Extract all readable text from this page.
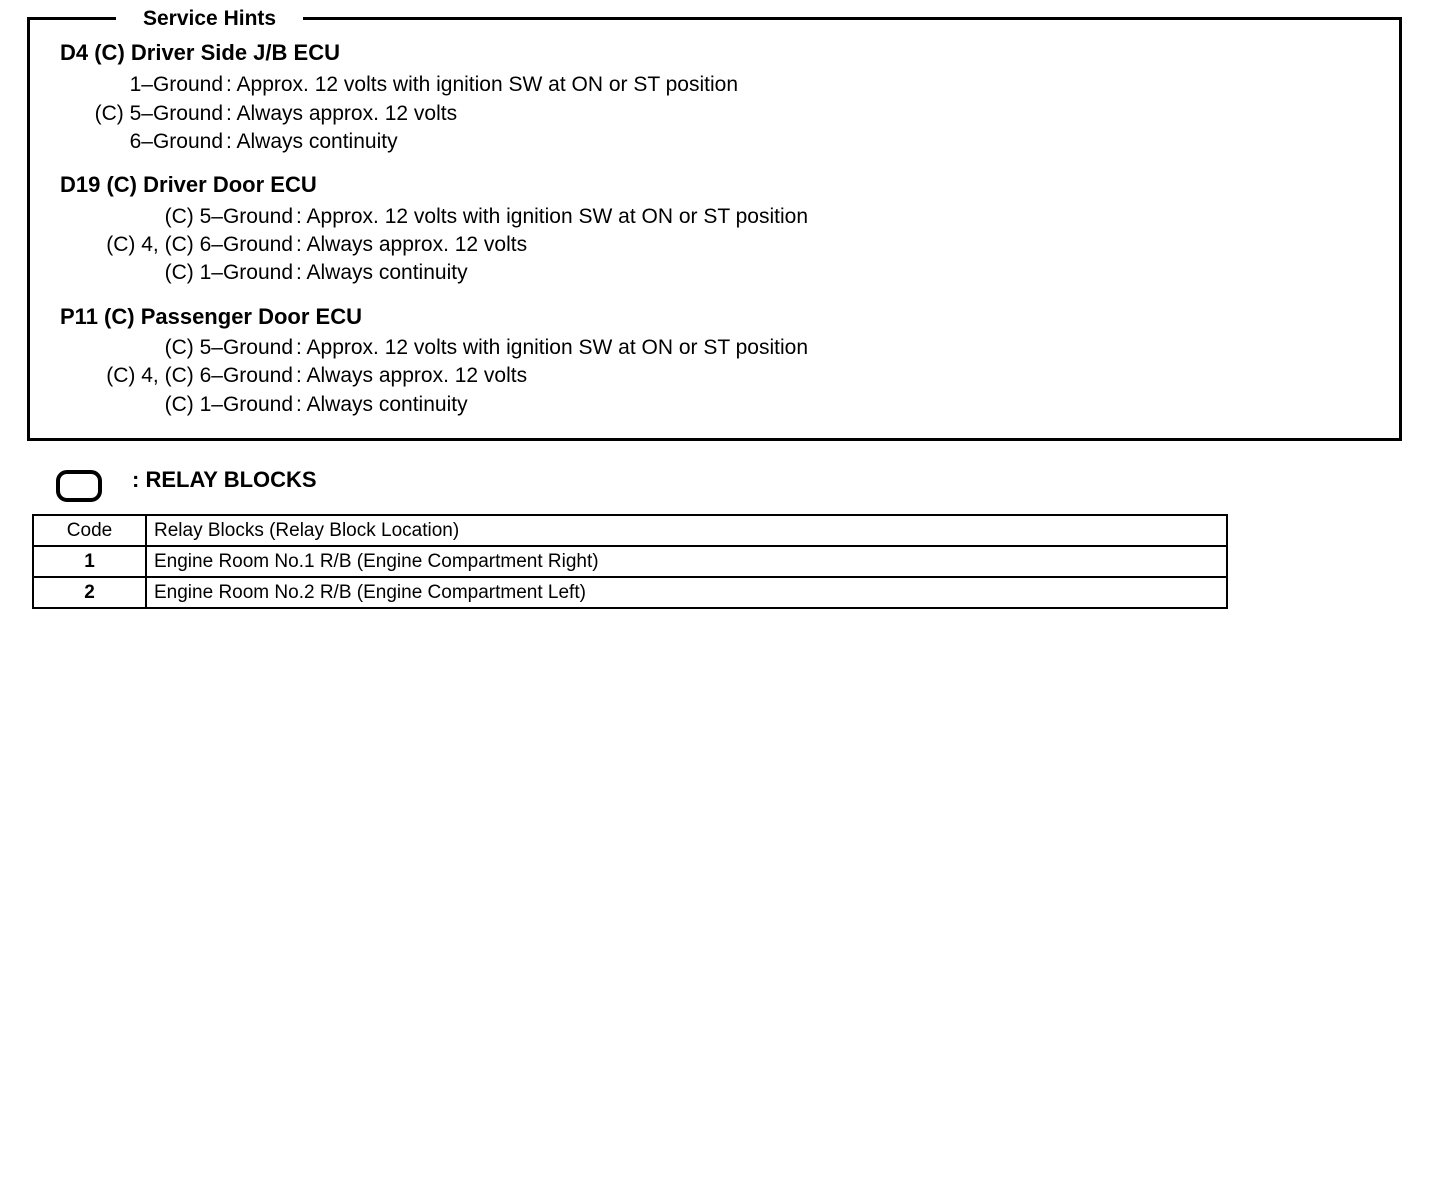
Service Hints
D4 (C) Driver Side J/B ECU
1–Ground : Approx. 12 volts with ignition SW at ON or ST position
(C) 5–Ground : Always approx. 12 volts
6–Ground : Always continuity
D19 (C) Driver Door ECU
(C) 5–Ground : Approx. 12 volts with ignition SW at ON or ST position
(C) 4, (C) 6–Ground : Always approx. 12 volts
(C) 1–Ground : Always continuity
P11 (C) Passenger Door ECU
(C) 5–Ground : Approx. 12 volts with ignition SW at ON or ST position
(C) 4, (C) 6–Ground : Always approx. 12 volts
(C) 1–Ground : Always continuity
: RELAY BLOCKS
Code	Relay Blocks (Relay Block Location)
1	Engine Room No.1 R/B (Engine Compartment Right)
2	Engine Room No.2 R/B (Engine Compartment Left)
